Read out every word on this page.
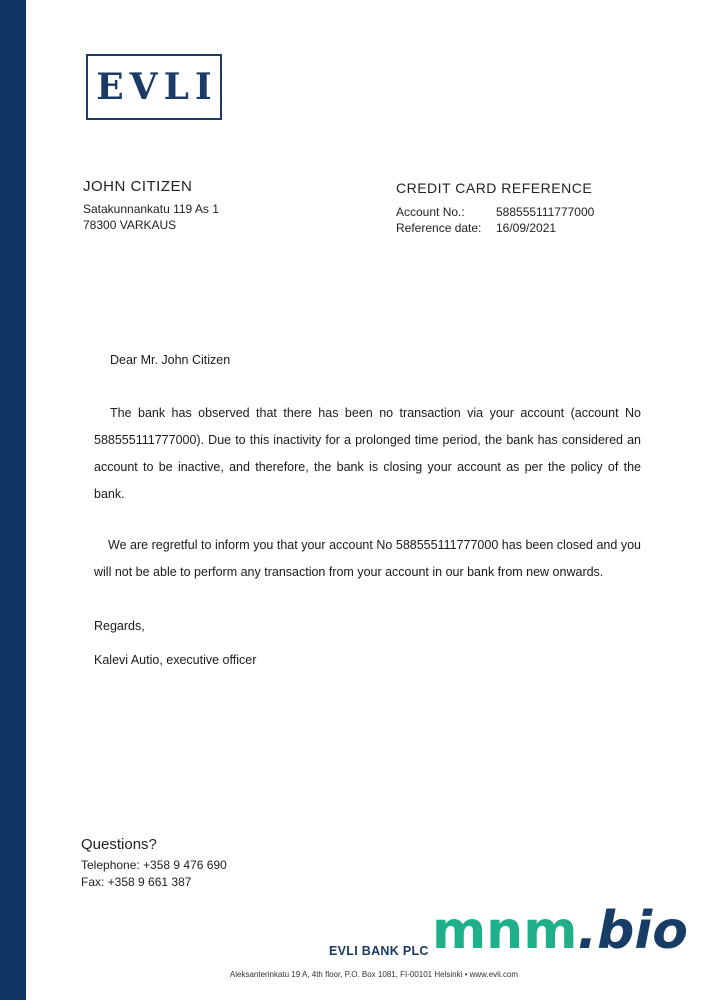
EVLI
JOHN CITIZEN
Satakunnankatu 119 As 1
78300 VARKAUS
CREDIT CARD REFERENCE
Account No.:	588555111777000
Reference date:	16/09/2021

Dear Mr. John Citizen

The bank has observed that there has been no transaction via your account (account No 588555111777000). Due to this inactivity for a prolonged time period, the bank has considered an account to be inactive, and therefore, the bank is closing your account as per the policy of the bank.

We are regretful to inform you that your account No 588555111777000 has been closed and you will not be able to perform any transaction from your account in our bank from new onwards.

Regards,

Kalevi Autio, executive officer

Questions?
Telephone: +358 9 476 690
Fax: +358 9 661 387
EVLI BANK PLC
Aleksanterinkatu 19 A, 4th floor, P.O. Box 1081, FI-00101 Helsinki • www.evli.com
mnm.bio
